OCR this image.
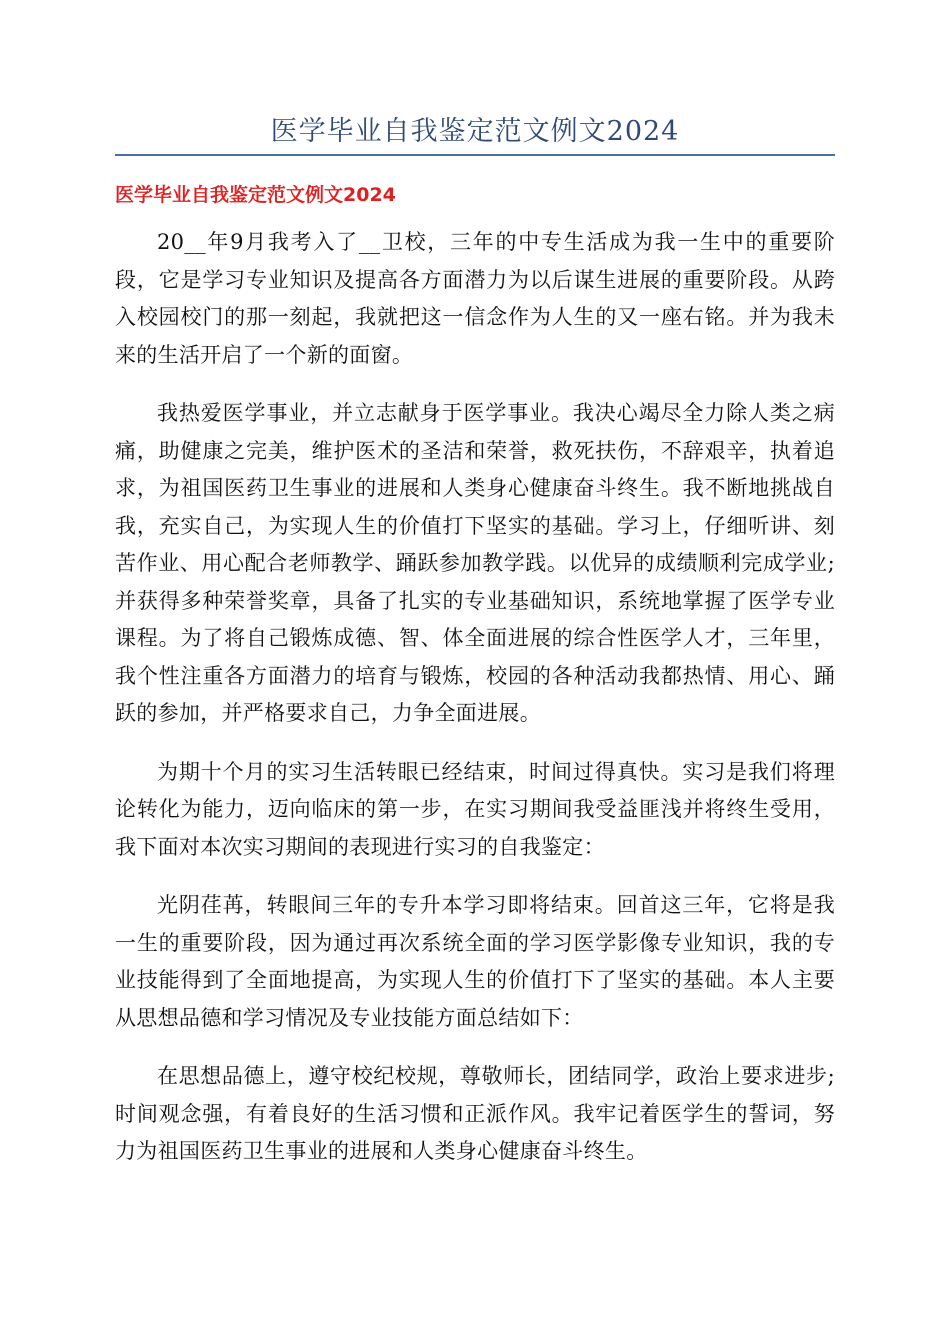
医学毕业自我鉴定范文例文2024
医学毕业自我鉴定范文例文2024

20__年9月我考入了__卫校，三年的中专生活成为我一生中的重要阶段，它是学习专业知识及提高各方面潜力为以后谋生进展的重要阶段。从跨入校园校门的那一刻起，我就把这一信念作为人生的又一座右铭。并为我未来的生活开启了一个新的面窗。

我热爱医学事业，并立志献身于医学事业。我决心竭尽全力除人类之病痛，助健康之完美，维护医术的圣洁和荣誉，救死扶伤，不辞艰辛，执着追求，为祖国医药卫生事业的进展和人类身心健康奋斗终生。我不断地挑战自我，充实自己，为实现人生的价值打下坚实的基础。学习上，仔细听讲、刻苦作业、用心配合老师教学、踊跃参加教学践。以优异的成绩顺利完成学业;并获得多种荣誉奖章，具备了扎实的专业基础知识，系统地掌握了医学专业课程。为了将自己锻炼成德、智、体全面进展的综合性医学人才，三年里，我个性注重各方面潜力的培育与锻炼，校园的各种活动我都热情、用心、踊跃的参加，并严格要求自己，力争全面进展。

为期十个月的实习生活转眼已经结束，时间过得真快。实习是我们将理论转化为能力，迈向临床的第一步，在实习期间我受益匪浅并将终生受用，我下面对本次实习期间的表现进行实习的自我鉴定：

光阴荏苒，转眼间三年的专升本学习即将结束。回首这三年，它将是我一生的重要阶段，因为通过再次系统全面的学习医学影像专业知识，我的专业技能得到了全面地提高，为实现人生的价值打下了坚实的基础。本人主要从思想品德和学习情况及专业技能方面总结如下：

在思想品德上，遵守校纪校规，尊敬师长，团结同学，政治上要求进步;时间观念强，有着良好的生活习惯和正派作风。我牢记着医学生的誓词，努力为祖国医药卫生事业的进展和人类身心健康奋斗终生。
